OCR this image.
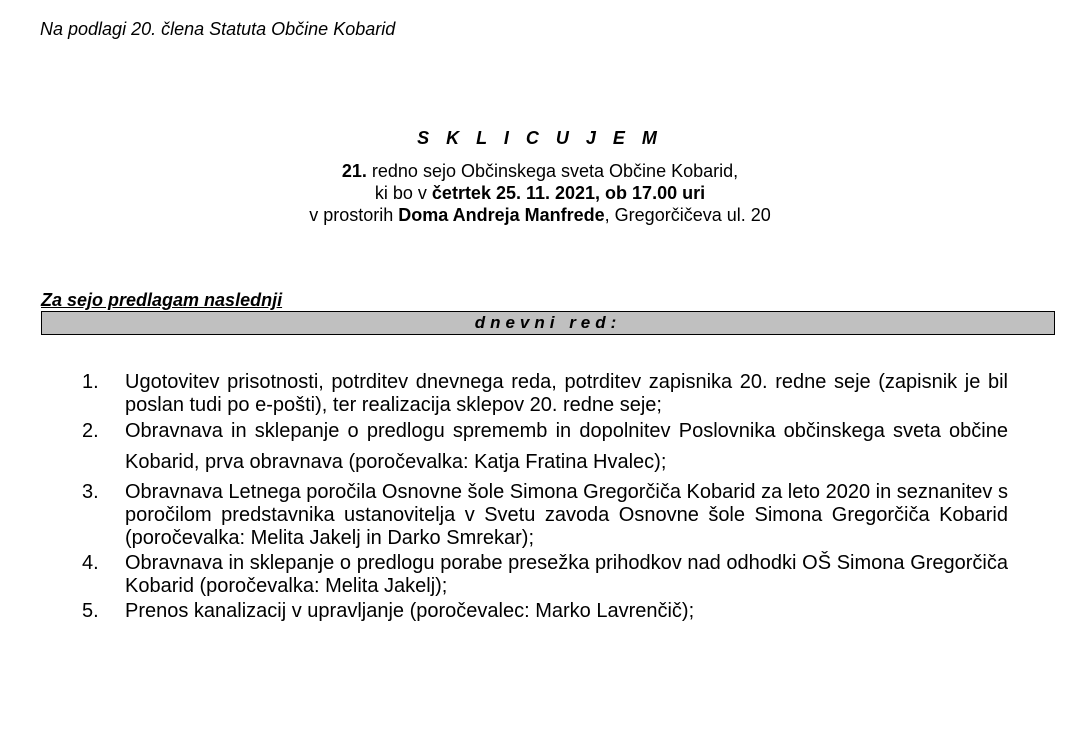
Na podlagi 20. člena Statuta Občine Kobarid
S K L I C U J E M
21. redno sejo Občinskega sveta Občine Kobarid,
ki bo v četrtek 25. 11. 2021, ob 17.00 uri
v prostorih Doma Andreja Manfrede, Gregorčičeva ul. 20
Za sejo predlagam naslednji
dnevni red:
1. Ugotovitev prisotnosti, potrditev dnevnega reda, potrditev zapisnika 20. redne seje (zapisnik je bil poslan tudi po e-pošti), ter realizacija sklepov 20. redne seje;
2. Obravnava in sklepanje o predlogu sprememb in dopolnitev Poslovnika občinskega sveta občine Kobarid, prva obravnava (poročevalka: Katja Fratina Hvalec);
3. Obravnava Letnega poročila Osnovne šole Simona Gregorčiča Kobarid za leto 2020 in seznanitev s poročilom predstavnika ustanovitelja v Svetu zavoda Osnovne šole Simona Gregorčiča Kobarid (poročevalka: Melita Jakelj in Darko Smrekar);
4. Obravnava in sklepanje o predlogu porabe presežka prihodkov nad odhodki OŠ Simona Gregorčiča Kobarid (poročevalka: Melita Jakelj);
5. Prenos kanalizacij v upravljanje (poročevalec: Marko Lavrenčič);
